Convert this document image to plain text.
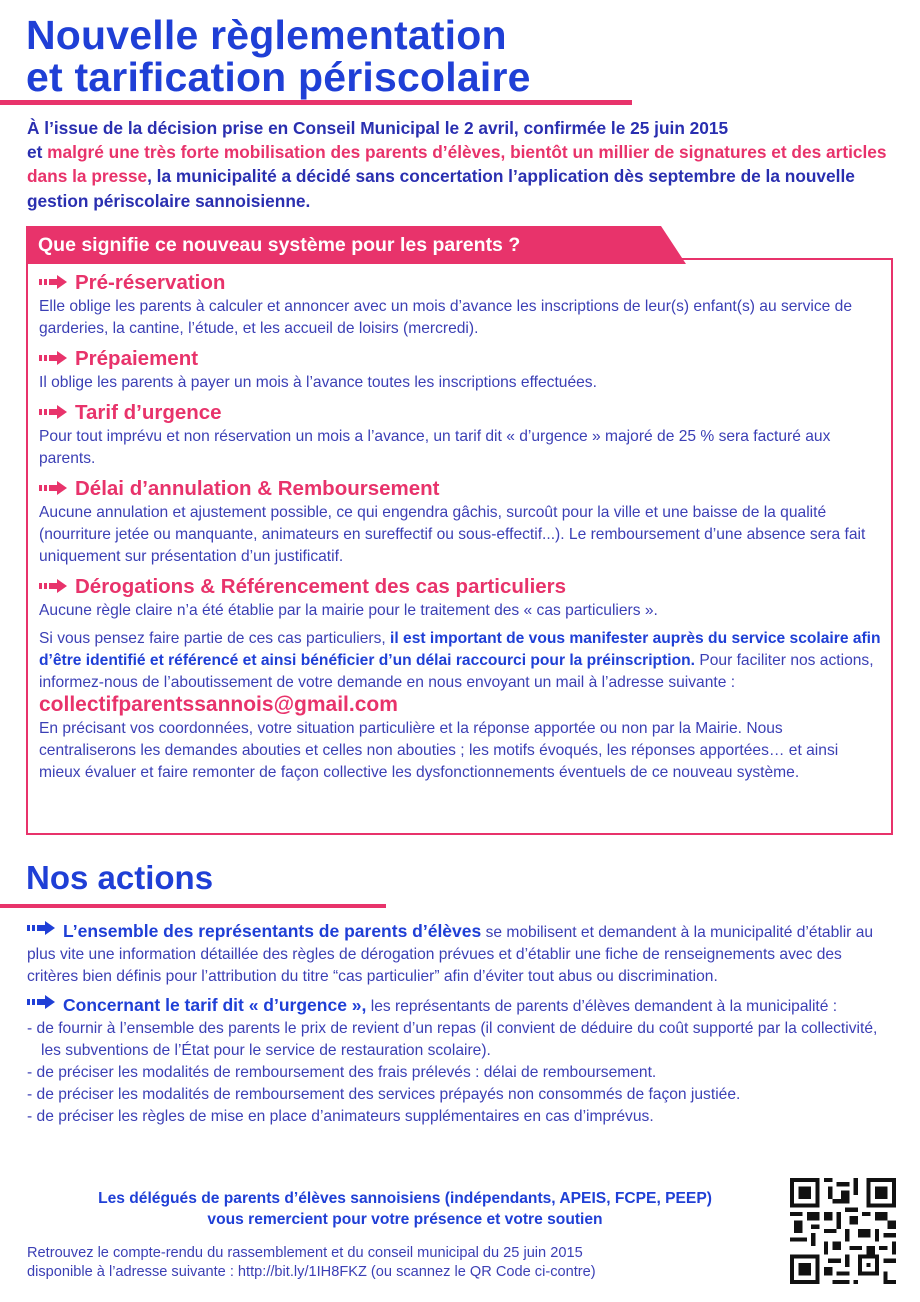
Nouvelle règlementation
et tarification périscolaire
À l’issue de la décision prise en Conseil Municipal le 2 avril, confirmée le 25 juin 2015
et malgré une très forte mobilisation des parents d’élèves, bientôt un millier de signatures et des articles dans la presse, la municipalité a décidé sans concertation l’application dès septembre de la nouvelle gestion périscolaire sannoisienne.
Que signifie ce nouveau système pour les parents ?
Pré-réservation
Elle oblige les parents à calculer et annoncer avec un mois d’avance les inscriptions de leur(s) enfant(s) au service de garderies, la cantine, l’étude, et les accueil de loisirs (mercredi).
Prépaiement
Il oblige les parents à payer un mois à l’avance toutes les inscriptions effectuées.
Tarif d’urgence
Pour tout imprévu et non réservation un mois a l’avance, un tarif dit « d’urgence » majoré de 25 % sera facturé aux parents.
Délai d’annulation & Remboursement
Aucune annulation et ajustement possible, ce qui engendra gâchis, surcoût pour la ville et une baisse de la qualité (nourriture jetée ou manquante, animateurs en sureffectif ou sous-effectif...). Le remboursement d’une absence sera fait uniquement sur présentation d’un justificatif.
Dérogations & Référencement des cas particuliers
Aucune règle claire n’a été établie par la mairie pour le traitement des « cas particuliers ».
Si vous pensez faire partie de ces cas particuliers, il est important de vous manifester auprès du service scolaire afin d’être identifié et référencé et ainsi bénéficier d’un délai raccourci pour la préinscription. Pour faciliter nos actions, informez-nous de l’aboutissement de votre demande en nous envoyant un mail à l’adresse suivante : collectifparentssannois@gmail.com
En précisant vos coordonnées, votre situation particulière et la réponse apportée ou non par la Mairie. Nous centraliserons les demandes abouties et celles non abouties ; les motifs évoqués, les réponses apportées… et ainsi mieux évaluer et faire remonter de façon collective les dysfonctionnements éventuels de ce nouveau système.
Nos actions

L’ensemble des représentants de parents d’élèves se mobilisent et demandent à la municipalité d’établir au plus vite une information détaillée des règles de dérogation prévues et d’établir une fiche de renseignements avec des critères bien définis pour l’attribution du titre “cas particulier” afin d’éviter tout abus ou discrimination.

Concernant le tarif dit « d’urgence », les représentants de parents d’élèves demandent à la municipalité :

- de fournir à l’ensemble des parents le prix de revient d’un repas (il convient de déduire du coût supporté par la collectivité, les subventions de l’État pour le service de restauration scolaire).
- de préciser les modalités de remboursement des frais prélevés : délai de remboursement.
- de préciser les modalités de remboursement des services prépayés non consommés de façon justiée.
- de préciser les règles de mise en place d’animateurs supplémentaires en cas d’imprévus.
Les délégués de parents d’élèves sannoisiens (indépendants, APEIS, FCPE, PEEP)
vous remercient pour votre présence et votre soutien
Retrouvez le compte-rendu du rassemblement et du conseil municipal du 25 juin 2015
disponible à l’adresse suivante : http://bit.ly/1IH8FKZ (ou scannez le QR Code ci-contre)
